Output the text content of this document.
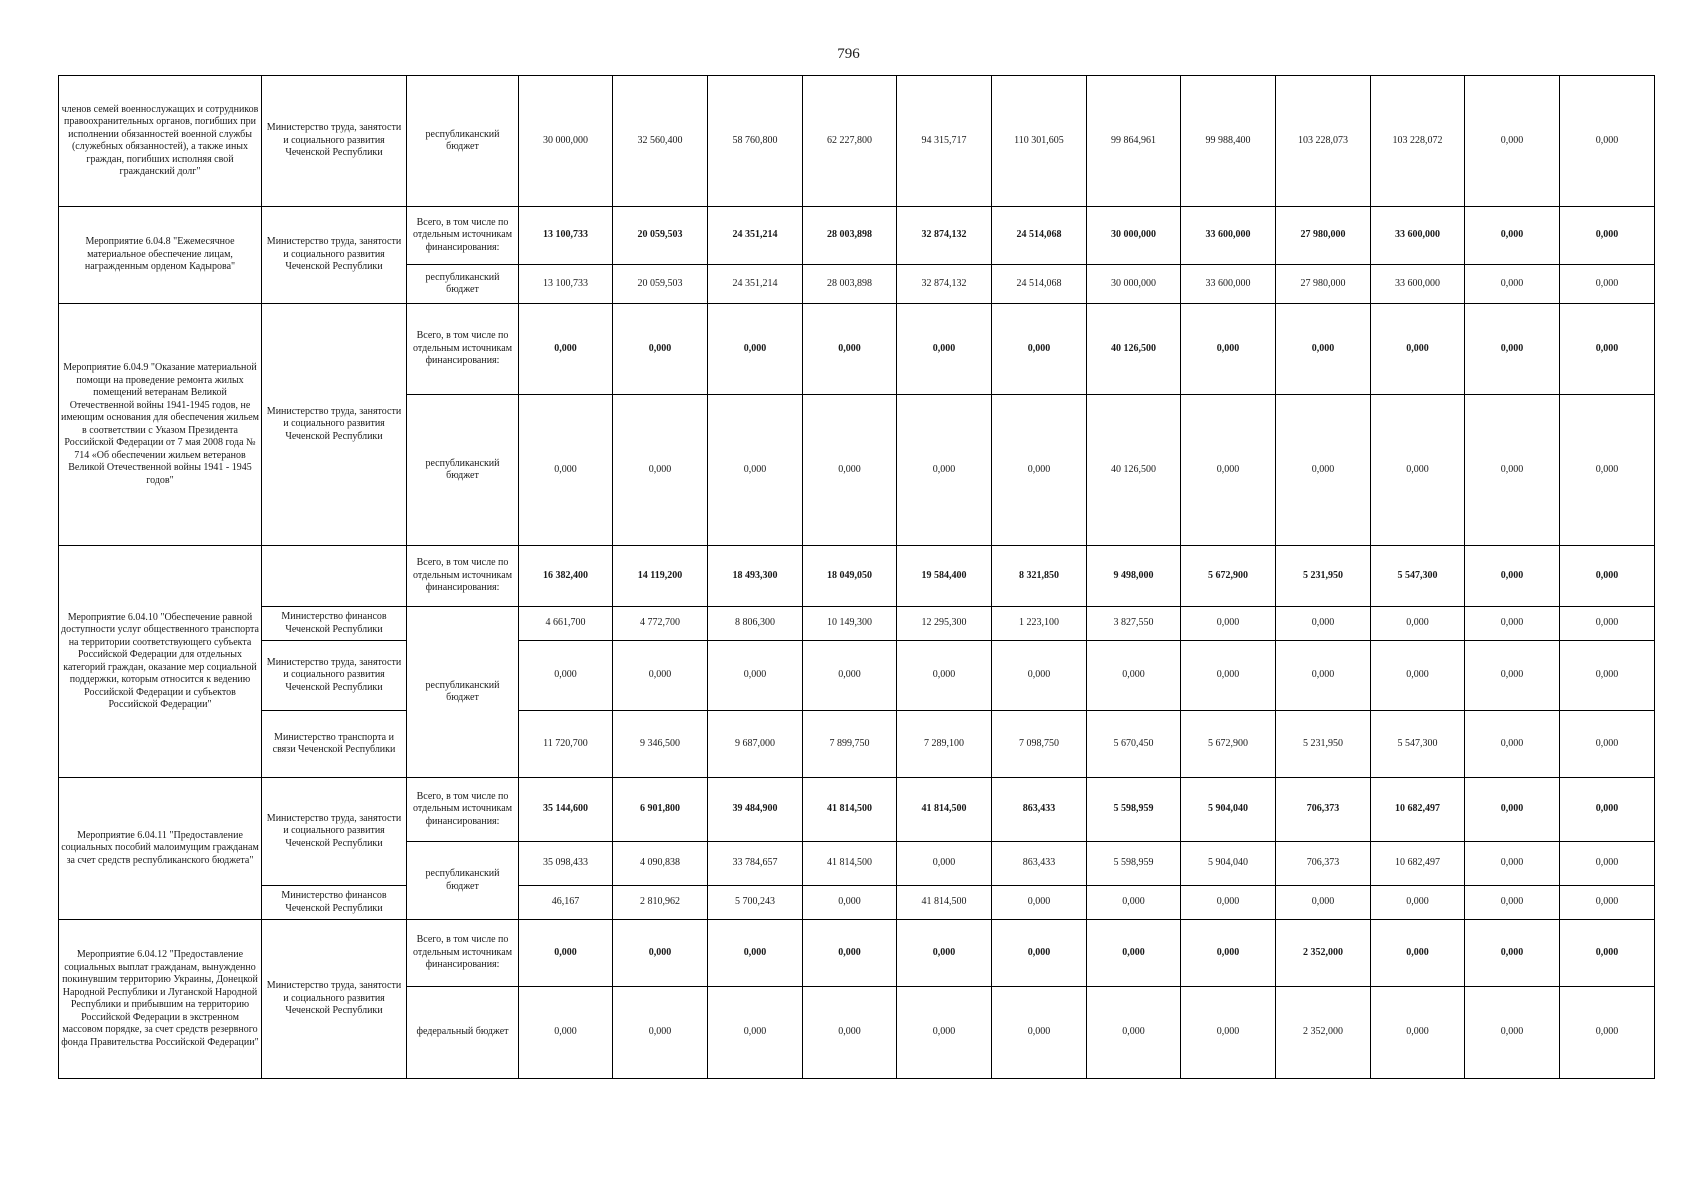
796
членов семей военнослужащих и сотрудников правоохранительных органов, погибших при исполнении обязанностей военной службы (служебных обязанностей), а также иных граждан, погибших исполняя свой гражданский долг"	Министерство труда, занятости и социального развития Чеченской Республики	республиканский бюджет	30 000,000	32 560,400	58 760,800	62 227,800	94 315,717	110 301,605	99 864,961	99 988,400	103 228,073	103 228,072	0,000	0,000
Мероприятие 6.04.8 "Ежемесячное материальное обеспечение лицам, награжденным орденом Кадырова"	Министерство труда, занятости и социального развития Чеченской Республики	Всего, в том числе по отдельным источникам финансирования:	13 100,733	20 059,503	24 351,214	28 003,898	32 874,132	24 514,068	30 000,000	33 600,000	27 980,000	33 600,000	0,000	0,000
		республиканский бюджет	13 100,733	20 059,503	24 351,214	28 003,898	32 874,132	24 514,068	30 000,000	33 600,000	27 980,000	33 600,000	0,000	0,000
Мероприятие 6.04.9 "Оказание материальной помощи на проведение ремонта жилых помещений ветеранам Великой Отечественной войны 1941-1945 годов, не имеющим основания для обеспечения жильем в соответствии с Указом Президента Российской Федерации от 7 мая 2008 года № 714 «Об обеспечении жильем ветеранов Великой Отечественной войны 1941 - 1945 годов"	Министерство труда, занятости и социального развития Чеченской Республики	Всего, в том числе по отдельным источникам финансирования:	0,000	0,000	0,000	0,000	0,000	0,000	40 126,500	0,000	0,000	0,000	0,000	0,000
		республиканский бюджет	0,000	0,000	0,000	0,000	0,000	0,000	40 126,500	0,000	0,000	0,000	0,000	0,000
Мероприятие 6.04.10 "Обеспечение равной доступности услуг общественного транспорта на территории соответствующего субъекта Российской Федерации для отдельных категорий граждан, оказание мер социальной поддержки, которым относится к ведению Российской Федерации и субъектов Российской Федерации"		Всего, в том числе по отдельным источникам финансирования:	16 382,400	14 119,200	18 493,300	18 049,050	19 584,400	8 321,850	9 498,000	5 672,900	5 231,950	5 547,300	0,000	0,000
	Министерство финансов Чеченской Республики	республиканский бюджет	4 661,700	4 772,700	8 806,300	10 149,300	12 295,300	1 223,100	3 827,550	0,000	0,000	0,000	0,000	0,000
	Министерство труда, занятости и социального развития Чеченской Республики		0,000	0,000	0,000	0,000	0,000	0,000	0,000	0,000	0,000	0,000	0,000	0,000
	Министерство транспорта и связи Чеченской Республики		11 720,700	9 346,500	9 687,000	7 899,750	7 289,100	7 098,750	5 670,450	5 672,900	5 231,950	5 547,300	0,000	0,000
Мероприятие 6.04.11 "Предоставление социальных пособий малоимущим гражданам за счет средств республиканского бюджета"	Министерство труда, занятости и социального развития Чеченской Республики	Всего, в том числе по отдельным источникам финансирования:	35 144,600	6 901,800	39 484,900	41 814,500	41 814,500	863,433	5 598,959	5 904,040	706,373	10 682,497	0,000	0,000
		республиканский бюджет	35 098,433	4 090,838	33 784,657	41 814,500	0,000	863,433	5 598,959	5 904,040	706,373	10 682,497	0,000	0,000
	Министерство финансов Чеченской Республики		46,167	2 810,962	5 700,243	0,000	41 814,500	0,000	0,000	0,000	0,000	0,000	0,000	0,000
Мероприятие 6.04.12 "Предоставление социальных выплат гражданам, вынужденно покинувшим территорию Украины, Донецкой Народной Республики и Луганской Народной Республики и прибывшим на территорию Российской Федерации в экстренном массовом порядке, за счет средств резервного фонда Правительства Российской Федерации"	Министерство труда, занятости и социального развития Чеченской Республики	Всего, в том числе по отдельным источникам финансирования:	0,000	0,000	0,000	0,000	0,000	0,000	0,000	0,000	2 352,000	0,000	0,000	0,000
		федеральный бюджет	0,000	0,000	0,000	0,000	0,000	0,000	0,000	0,000	2 352,000	0,000	0,000	0,000
